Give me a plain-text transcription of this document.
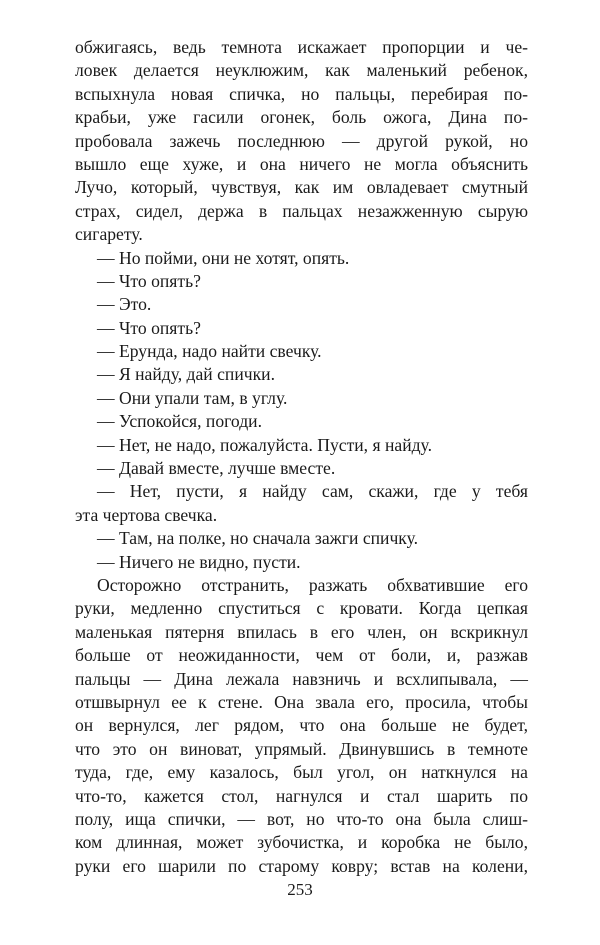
обжигаясь, ведь темнота искажает пропорции и че-
ловек делается неуклюжим, как маленький ребенок,
вспыхнула новая спичка, но пальцы, перебирая по-
крабьи, уже гасили огонек, боль ожога, Дина по-
пробовала зажечь последнюю — другой рукой, но
вышло еще хуже, и она ничего не могла объяснить
Лучо, который, чувствуя, как им овладевает смутный
страх, сидел, держа в пальцах незажженную сырую
сигарету.
— Но пойми, они не хотят, опять.
— Что опять?
— Это.
— Что опять?
— Ерунда, надо найти свечку.
— Я найду, дай спички.
— Они упали там, в углу.
— Успокойся, погоди.
— Нет, не надо, пожалуйста. Пусти, я найду.
— Давай вместе, лучше вместе.
— Нет, пусти, я найду сам, скажи, где у тебя
эта чертова свечка.
— Там, на полке, но сначала зажги спичку.
— Ничего не видно, пусти.
Осторожно отстранить, разжать обхватившие его
руки, медленно спуститься с кровати. Когда цепкая
маленькая пятерня впилась в его член, он вскрикнул
больше от неожиданности, чем от боли, и, разжав
пальцы — Дина лежала навзничь и всхлипывала, —
отшвырнул ее к стене. Она звала его, просила, чтобы
он вернулся, лег рядом, что она больше не будет,
что это он виноват, упрямый. Двинувшись в темноте
туда, где, ему казалось, был угол, он наткнулся на
что-то, кажется стол, нагнулся и стал шарить по
полу, ища спички, — вот, но что-то она была слиш-
ком длинная, может зубочистка, и коробка не было,
руки его шарили по старому ковру; встав на колени,
253
